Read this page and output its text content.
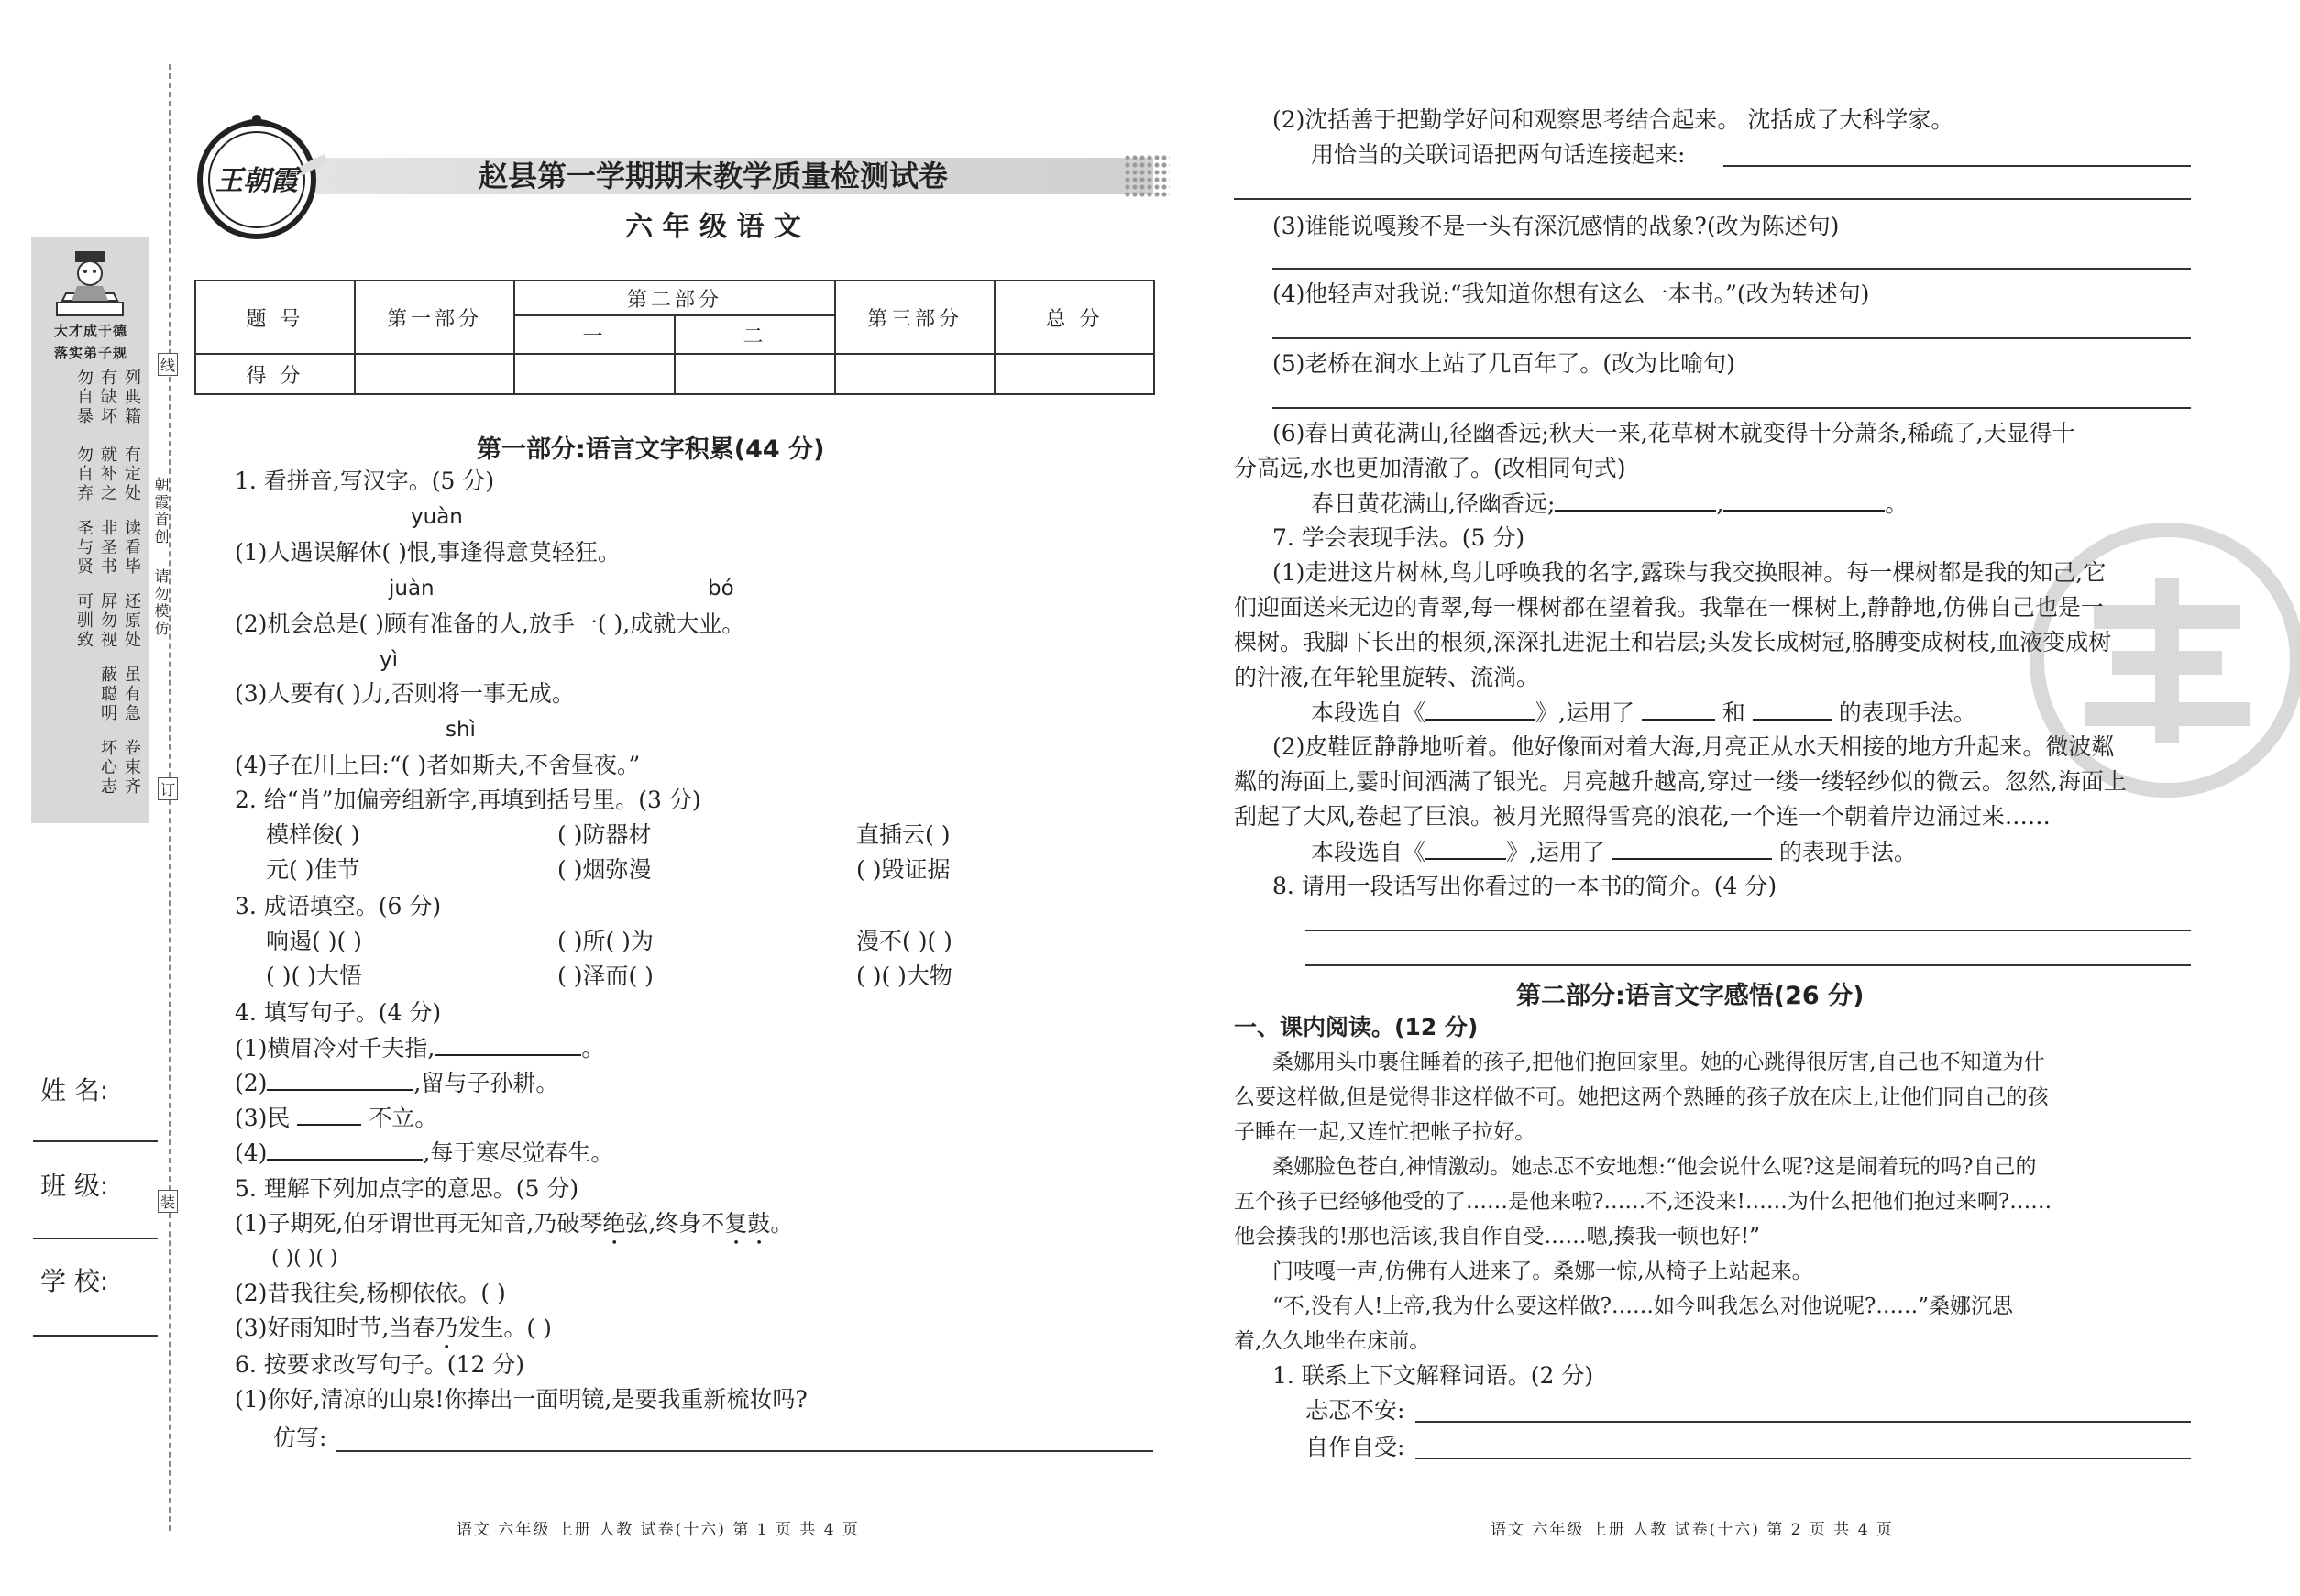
大才成于德
落实弟子规
列典籍
有缺坏
勿自暴
有定处
就补之
勿自弃
读看毕
非圣书
圣与贤
还原处
屏勿视
可驯致
虽有急
蔽聪明
卷束齐
坏心志
朝霞首创
请勿模仿
线
订
装
姓 名:
班 级:
学 校:
王朝霞	赵县第一学期期末教学质量检测试卷
六 年 级 语 文
题 号	第一部分	第二部分		第三部分	总 分
		一	二		
得 分					
第一部分:语言文字积累(44 分)
1. 看拼音,写汉字。(5 分)
yuàn
(1)人遇误解休( )恨,事逢得意莫轻狂。
juàn	bó
(2)机会总是( )顾有准备的人,放手一( ),成就大业。
yì
(3)人要有( )力,否则将一事无成。
shì
(4)子在川上曰:“( )者如斯夫,不舍昼夜。”
2. 给“肖”加偏旁组新字,再填到括号里。(3 分)
模样俊( )	( )防器材	直插云( )
元( )佳节	( )烟弥漫	( )毁证据
3. 成语填空。(6 分)
响遏( )( )	( )所( )为	漫不( )( )
( )( )大悟	( )泽而( )	( )( )大物
4. 填写句子。(4 分)
(1)横眉冷对千夫指,	。
(2)	,留与子孙耕。
(3)民	不立。
(4)	,每于寒尽觉春生。
5. 理解下列加点字的意思。(5 分)
(1)子期死,伯牙谓世再无知音,乃破琴绝弦,终身不复鼓。
( )( )( )
(2)昔我往矣,杨柳依依。( )
(3)好雨知时节,当春乃发生。( )
6. 按要求改写句子。(12 分)
(1)你好,清凉的山泉!你捧出一面明镜,是要我重新梳妆吗?
仿写:
语文 六年级 上册 人教 试卷(十六) 第 1 页 共 4 页
(2)沈括善于把勤学好问和观察思考结合起来。 沈括成了大科学家。
用恰当的关联词语把两句话连接起来:
(3)谁能说嘎羧不是一头有深沉感情的战象?(改为陈述句)
(4)他轻声对我说:“我知道你想有这么一本书。”(改为转述句)
(5)老桥在涧水上站了几百年了。(改为比喻句)
(6)春日黄花满山,径幽香远;秋天一来,花草树木就变得十分萧条,稀疏了,天显得十
分高远,水也更加清澈了。(改相同句式)
春日黄花满山,径幽香远;	,	。
7. 学会表现手法。(5 分)
(1)走进这片树林,鸟儿呼唤我的名字,露珠与我交换眼神。每一棵树都是我的知己,它
们迎面送来无边的青翠,每一棵树都在望着我。我靠在一棵树上,静静地,仿佛自己也是一
棵树。我脚下长出的根须,深深扎进泥土和岩层;头发长成树冠,胳膊变成树枝,血液变成树
的汁液,在年轮里旋转、流淌。
本段选自《	》,运用了	和	的表现手法。
(2)皮鞋匠静静地听着。他好像面对着大海,月亮正从水天相接的地方升起来。微波粼
粼的海面上,霎时间洒满了银光。月亮越升越高,穿过一缕一缕轻纱似的微云。忽然,海面上
刮起了大风,卷起了巨浪。被月光照得雪亮的浪花,一个连一个朝着岸边涌过来……
本段选自《	》,运用了	的表现手法。
8. 请用一段话写出你看过的一本书的简介。(4 分)
第二部分:语言文字感悟(26 分)
一、课内阅读。(12 分)
桑娜用头巾裹住睡着的孩子,把他们抱回家里。她的心跳得很厉害,自己也不知道为什
么要这样做,但是觉得非这样做不可。她把这两个熟睡的孩子放在床上,让他们同自己的孩
子睡在一起,又连忙把帐子拉好。
桑娜脸色苍白,神情激动。她忐忑不安地想:“他会说什么呢?这是闹着玩的吗?自己的
五个孩子已经够他受的了……是他来啦?……不,还没来!……为什么把他们抱过来啊?……
他会揍我的!那也活该,我自作自受……嗯,揍我一顿也好!”
门吱嘎一声,仿佛有人进来了。桑娜一惊,从椅子上站起来。
“不,没有人!上帝,我为什么要这样做?……如今叫我怎么对他说呢?……”桑娜沉思
着,久久地坐在床前。
1. 联系上下文解释词语。(2 分)
忐忑不安:
自作自受:
语文 六年级 上册 人教 试卷(十六) 第 2 页 共 4 页
